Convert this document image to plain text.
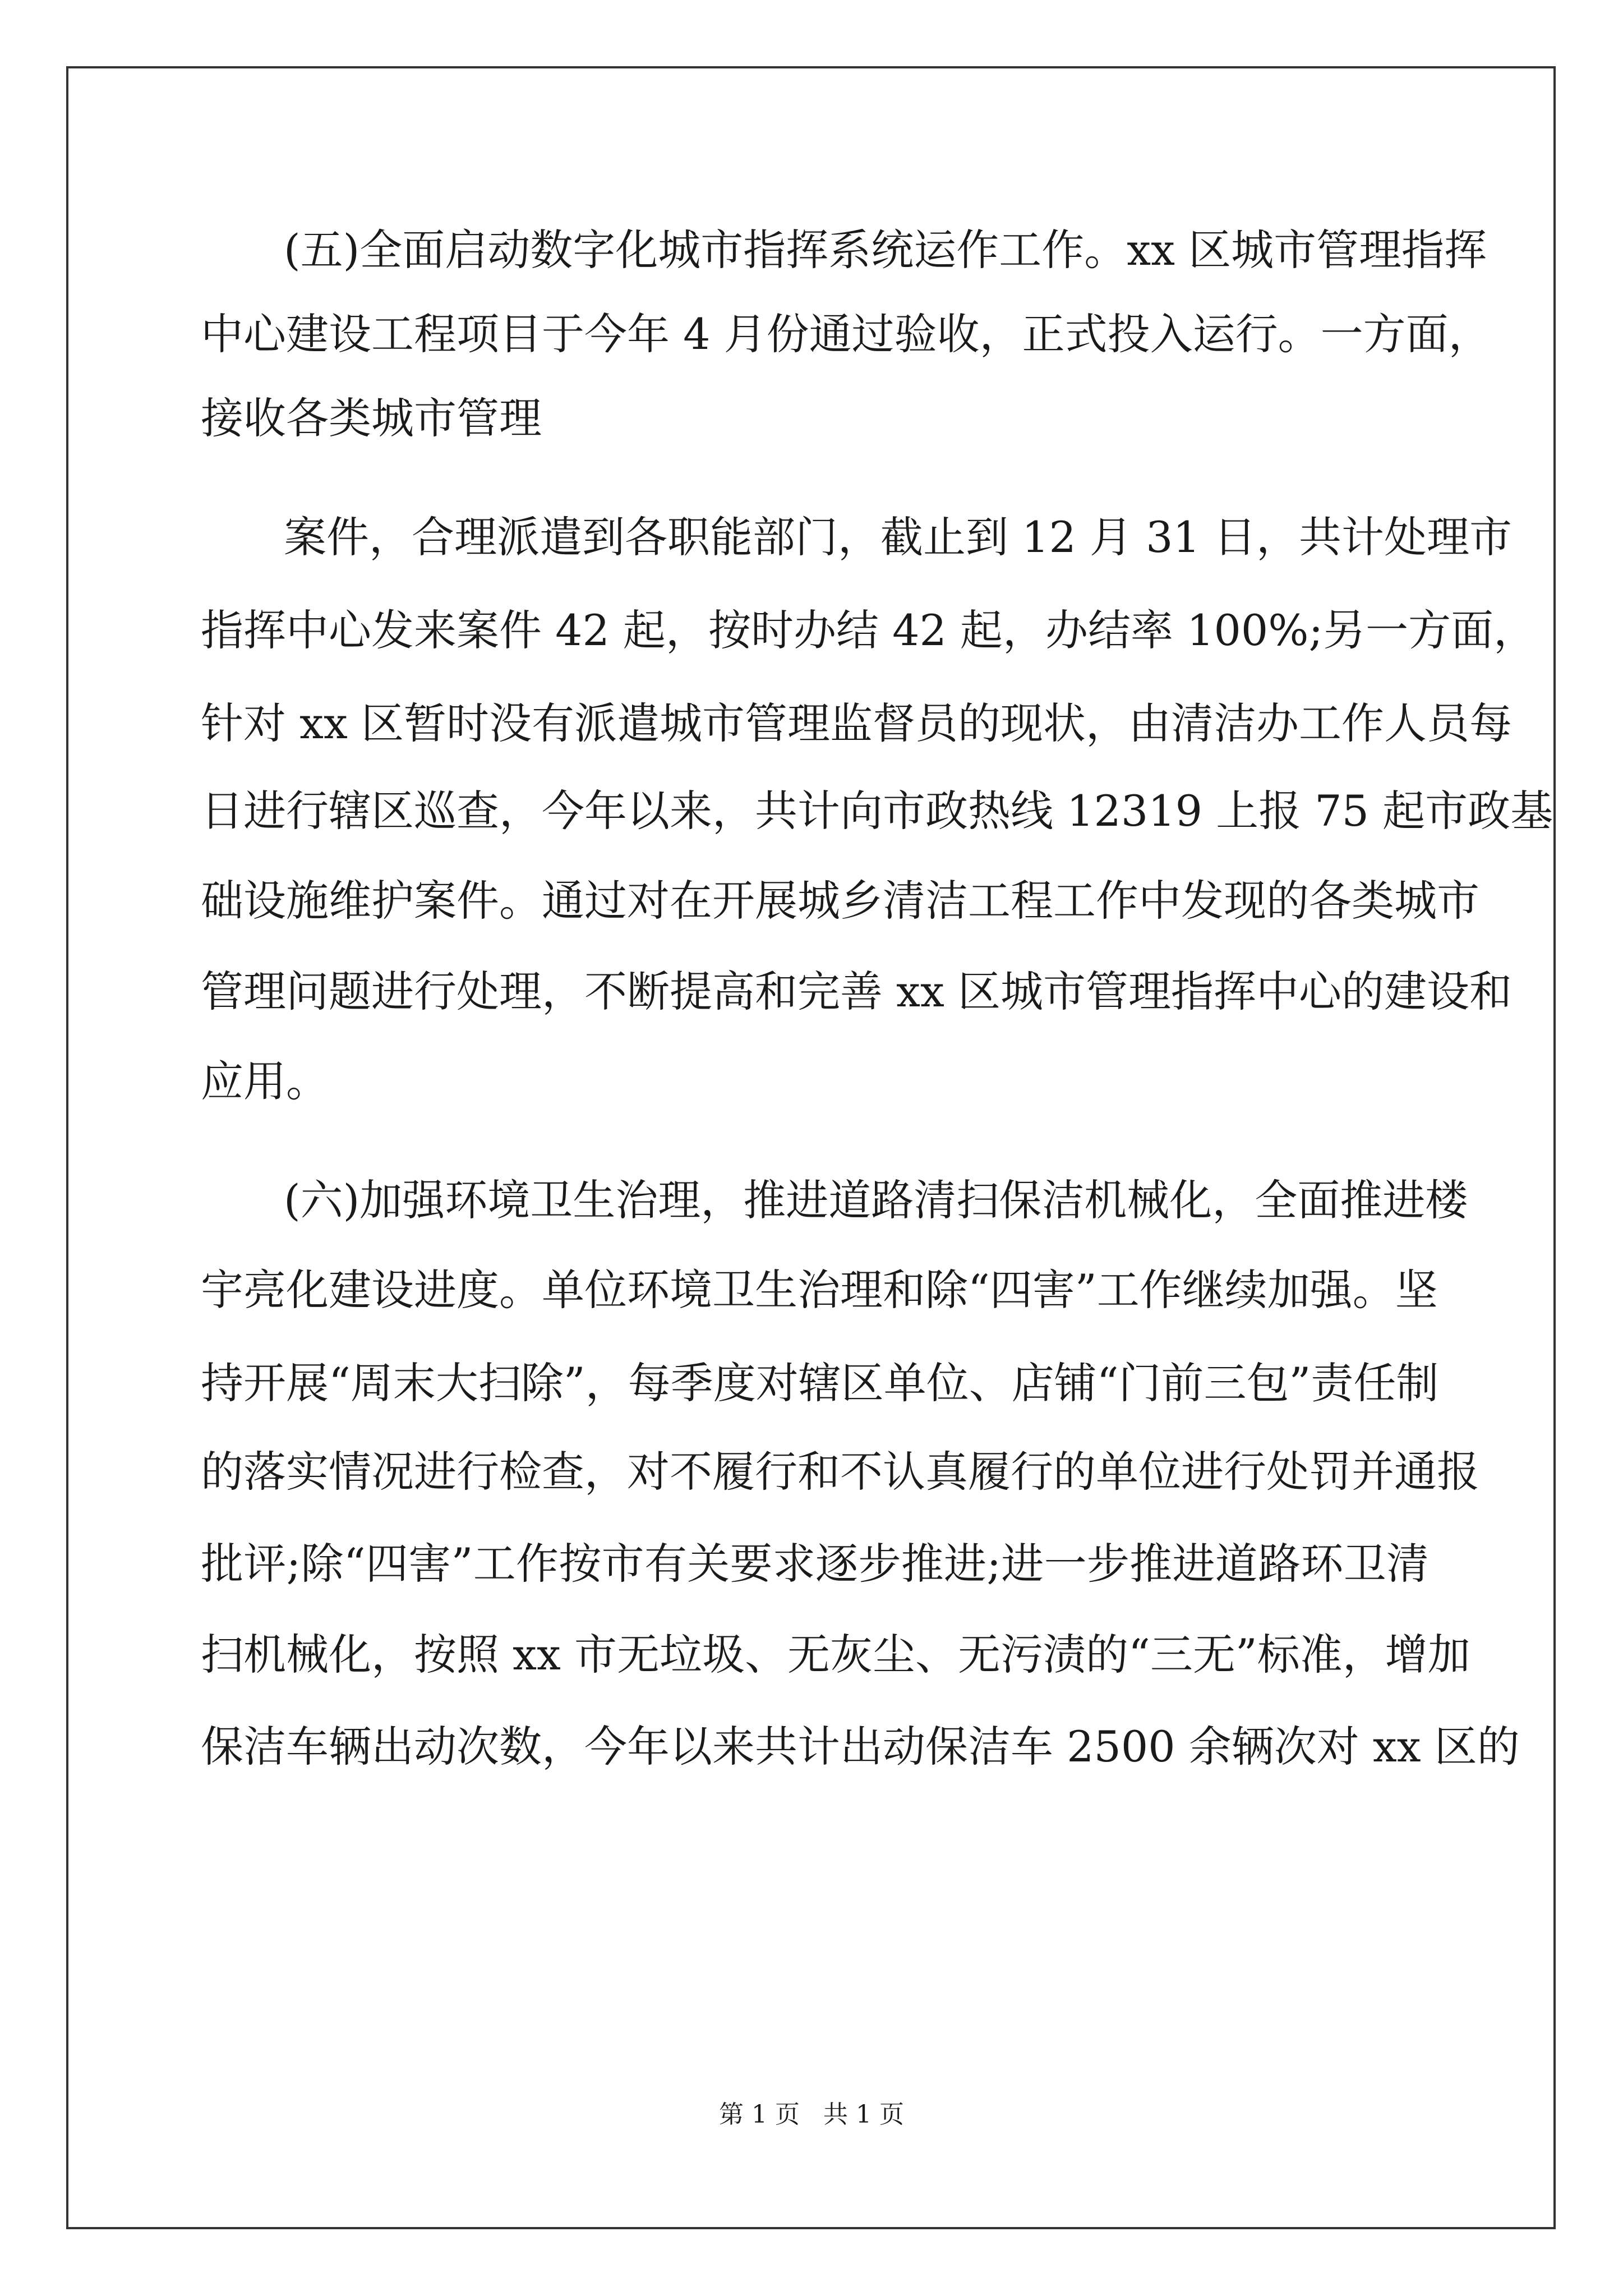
(五)全面启动数字化城市指挥系统运作工作。xx 区城市管理指挥
中心建设工程项目于今年 4 月份通过验收，正式投入运行。一方面，
接收各类城市管理
案件，合理派遣到各职能部门，截止到 12 月 31 日，共计处理市
指挥中心发来案件 42 起，按时办结 42 起，办结率 100%;另一方面，
针对 xx 区暂时没有派遣城市管理监督员的现状，由清洁办工作人员每
日进行辖区巡查，今年以来，共计向市政热线 12319 上报 75 起市政基
础设施维护案件。通过对在开展城乡清洁工程工作中发现的各类城市
管理问题进行处理，不断提高和完善 xx 区城市管理指挥中心的建设和
应用。
(六)加强环境卫生治理，推进道路清扫保洁机械化，全面推进楼
宇亮化建设进度。单位环境卫生治理和除“四害”工作继续加强。坚
持开展“周末大扫除”，每季度对辖区单位、店铺“门前三包”责任制
的落实情况进行检查，对不履行和不认真履行的单位进行处罚并通报
批评;除“四害”工作按市有关要求逐步推进;进一步推进道路环卫清
扫机械化，按照 xx 市无垃圾、无灰尘、无污渍的“三无”标准，增加
保洁车辆出动次数，今年以来共计出动保洁车 2500 余辆次对 xx 区的
第 1 页 共 1 页
